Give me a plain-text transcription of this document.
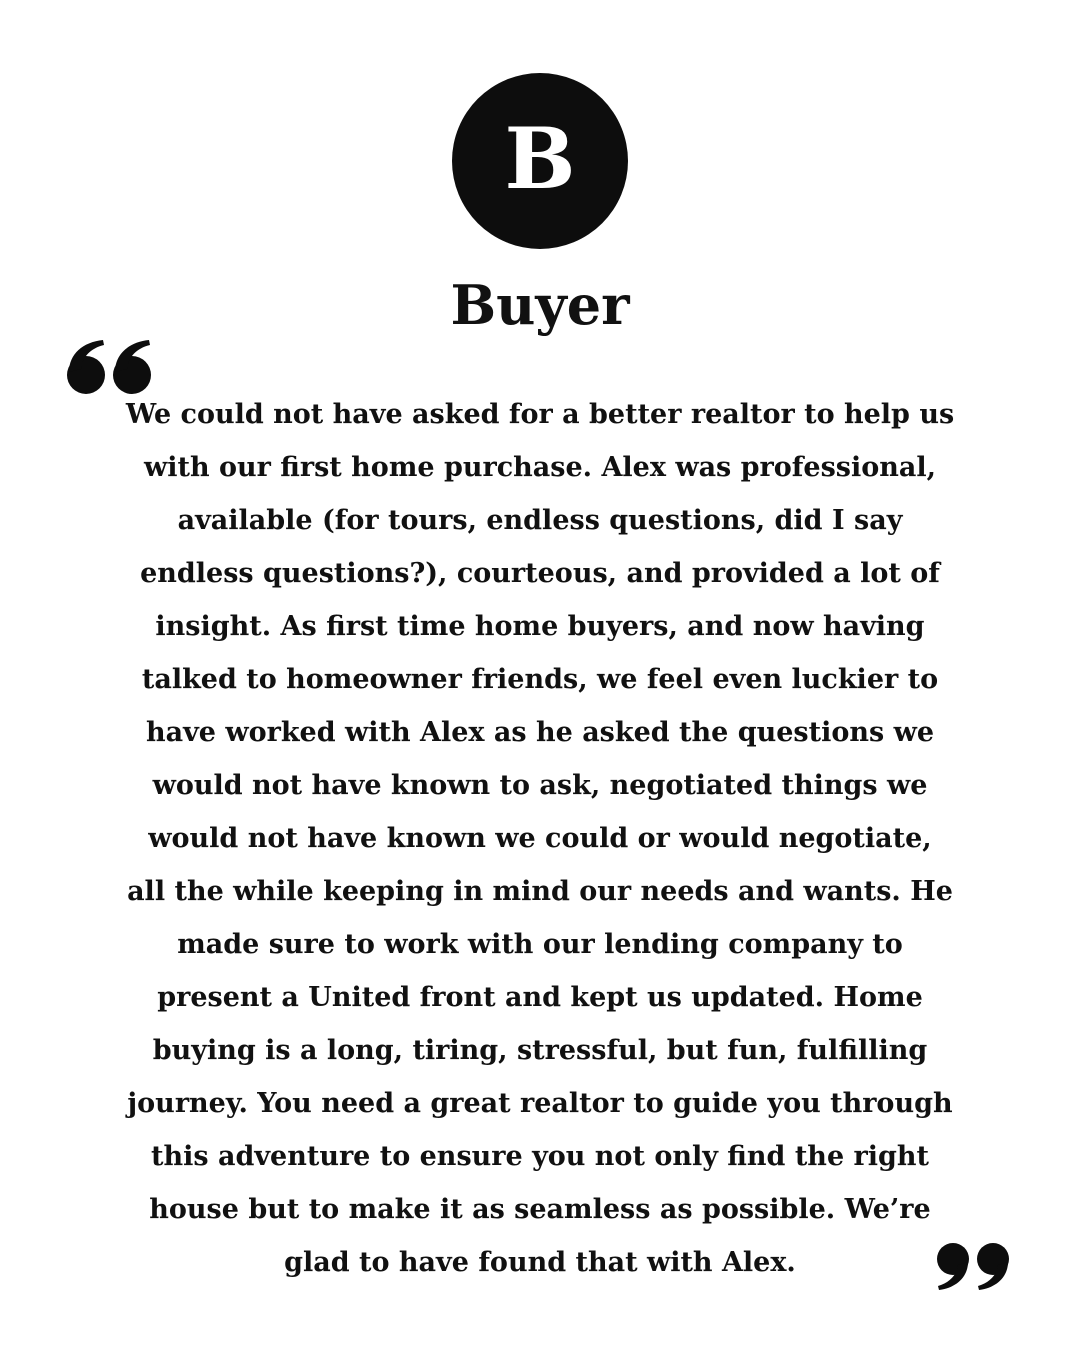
B
Buyer

We could not have asked for a better realtor to help us
with our first home purchase. Alex was professional,
available (for tours, endless questions, did I say
endless questions?), courteous, and provided a lot of
insight. As first time home buyers, and now having
talked to homeowner friends, we feel even luckier to
have worked with Alex as he asked the questions we
would not have known to ask, negotiated things we
would not have known we could or would negotiate,
all the while keeping in mind our needs and wants. He
made sure to work with our lending company to
present a United front and kept us updated. Home
buying is a long, tiring, stressful, but fun, fulfilling
journey. You need a great realtor to guide you through
this adventure to ensure you not only find the right
house but to make it as seamless as possible. We’re
glad to have found that with Alex.
